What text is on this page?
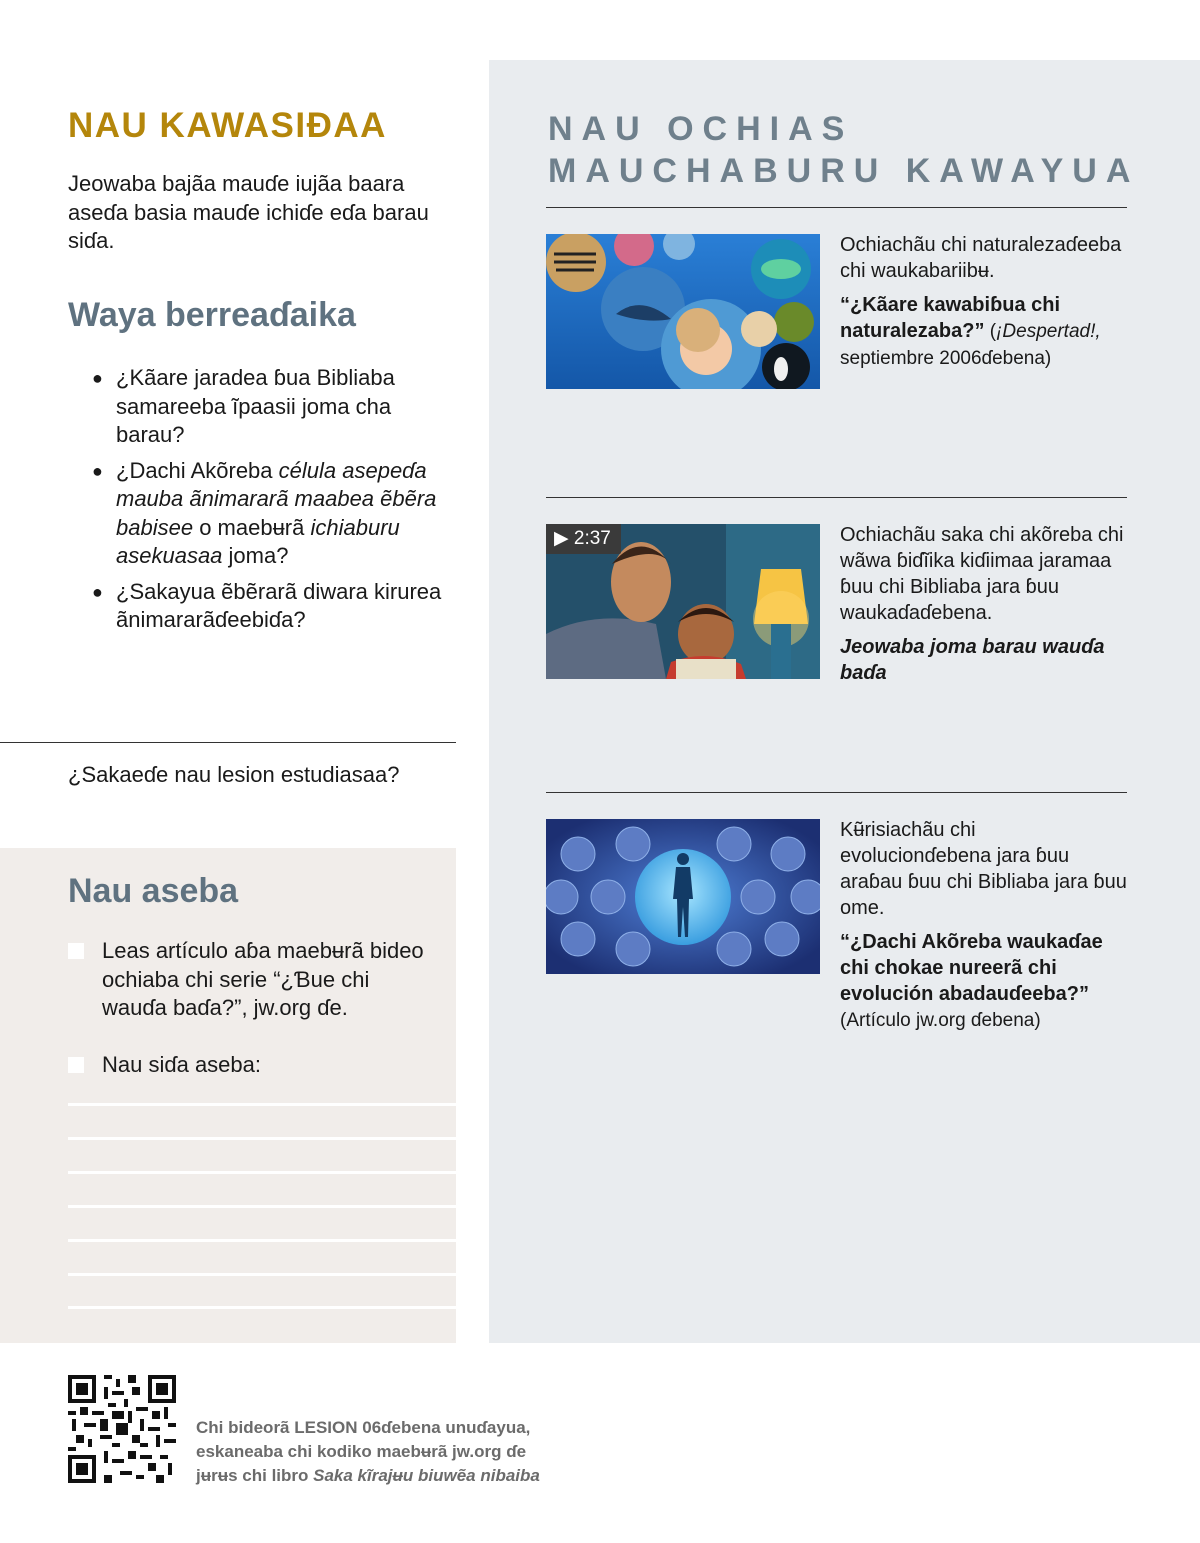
NAU KAWASIƉAA

Jeowaba bajãa mauɗe iujãa baara aseɗa basia mauɗe ichiɗe eɗa barau siɗa.

Waya berreaɗaika
● ¿Kãare jaradea ɓua Bibliaba samareeba ĩpaasii joma cha barau?
● ¿Dachi Akõreba célula asepeɗa mauba ãnimararã maabea ẽbẽra babisee o maebʉrã ichiaburu asekuasaa joma?
● ¿Sakayua ẽbẽrarã diwara kirurea ãnimararãɗeebiɗa?

¿Sakaeɗe nau lesion estudiasaa?

Nau aseba
Leas artículo aɓa maebʉrã bideo ochiaba chi serie “¿Ɓue chi wauɗa baɗa?”, jw.org ɗe.
Nau siɗa aseba:
NAU OCHIAS MAUCHABURU KAWAYUA
Ochiachãu chi naturalezaɗeeba chi waukabariibʉ.
“¿Kãare kawabiɓua chi naturalezaba?” (¡Despertad!, septiembre 2006ɗebena)
▶ 2:37	Ochiachãu saka chi akõreba chi wãwa ɓiɗĩika kiɗiimaa jaramaa ɓuu chi Bibliaba jara ɓuu waukaɗaɗebena.
Jeowaba joma barau wauɗa baɗa
Kʉ̃risiachãu chi evolucionɗebena jara ɓuu araɓau ɓuu chi Bibliaba jara ɓuu ome.
“¿Dachi Akõreba waukaɗae chi chokae nureerã chi evolución abadauɗeeba?”
(Artículo jw.org ɗebena)
Chi bideorã LESION 06ɗebena unuɗayua,
eskaneaba chi kodiko maebʉrã jw.org ɗe
jʉrʉs chi libro Saka kĩrajʉu biuwẽa nibaiba
